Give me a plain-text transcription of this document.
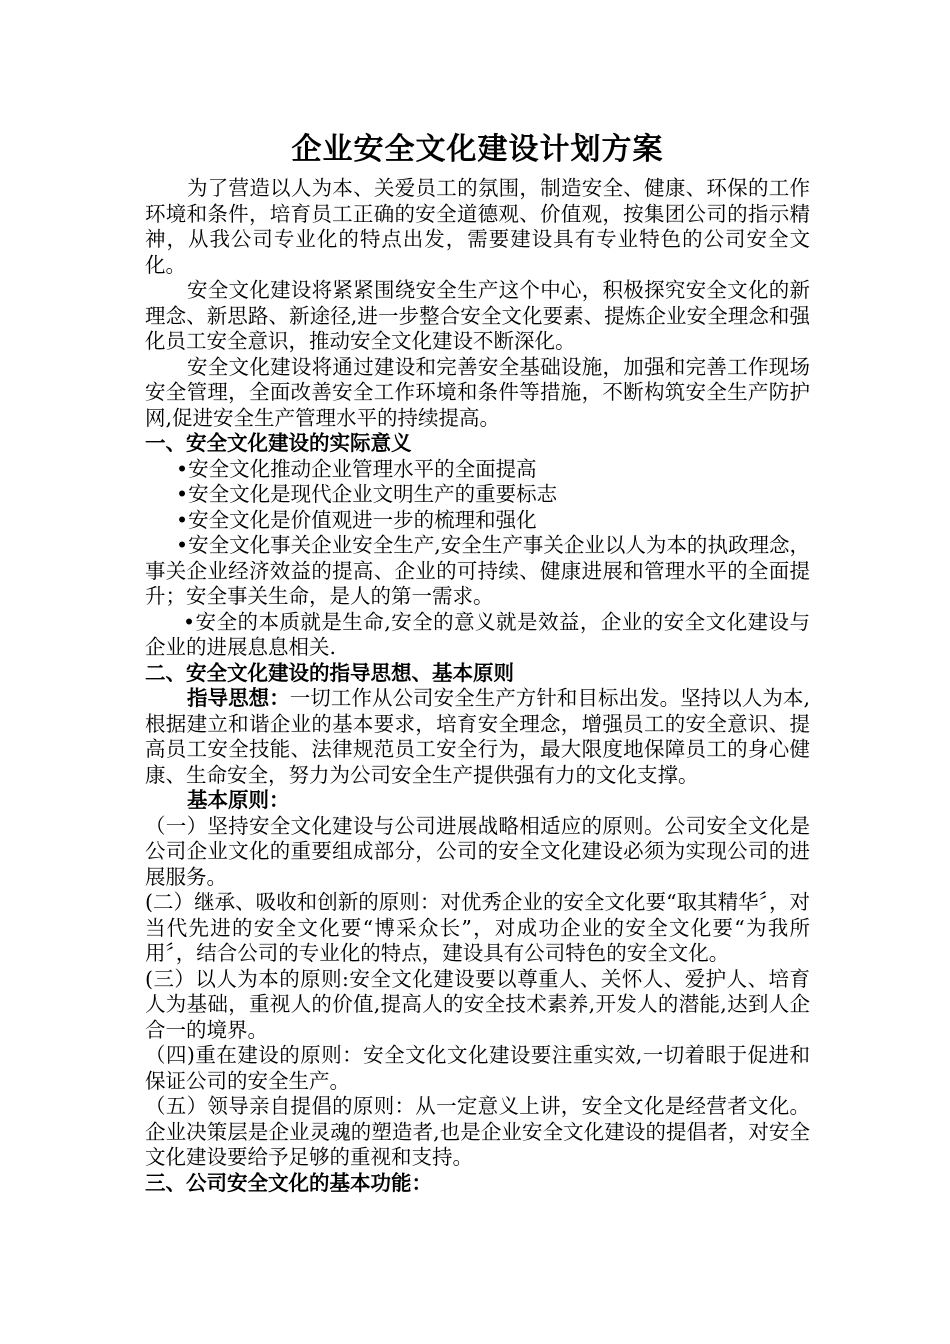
企业安全文化建设计划方案

为了营造以人为本、关爱员工的氛围，制造安全、健康、环保的工作环境和条件，培育员工正确的安全道德观、价值观，按集团公司的指示精神，从我公司专业化的特点出发，需要建设具有专业特色的公司安全文化。

安全文化建设将紧紧围绕安全生产这个中心，积极探究安全文化的新理念、新思路、新途径,进一步整合安全文化要素、提炼企业安全理念和强化员工安全意识，推动安全文化建设不断深化。

安全文化建设将通过建设和完善安全基础设施，加强和完善工作现场安全管理，全面改善安全工作环境和条件等措施，不断构筑安全生产防护网,促进安全生产管理水平的持续提高。

一、安全文化建设的实际意义

•安全文化推动企业管理水平的全面提高

•安全文化是现代企业文明生产的重要标志

•安全文化是价值观进一步的梳理和强化

•安全文化事关企业安全生产,安全生产事关企业以人为本的执政理念，事关企业经济效益的提高、企业的可持续、健康进展和管理水平的全面提升；安全事关生命，是人的第一需求。

•安全的本质就是生命,安全的意义就是效益，企业的安全文化建设与企业的进展息息相关.

二、安全文化建设的指导思想、基本原则

指导思想：一切工作从公司安全生产方针和目标出发。坚持以人为本,根据建立和谐企业的基本要求，培育安全理念，增强员工的安全意识、提高员工安全技能、法律规范员工安全行为，最大限度地保障员工的身心健康、生命安全，努力为公司安全生产提供强有力的文化支撑。

基本原则：

（一）坚持安全文化建设与公司进展战略相适应的原则。公司安全文化是公司企业文化的重要组成部分，公司的安全文化建设必须为实现公司的进展服务。

(二）继承、吸收和创新的原则：对优秀企业的安全文化要“取其精华〞，对当代先进的安全文化要“博采众长”，对成功企业的安全文化要“为我所用〞，结合公司的专业化的特点，建设具有公司特色的安全文化。

(三）以人为本的原则:安全文化建设要以尊重人、关怀人、爱护人、培育人为基础，重视人的价值,提高人的安全技术素养,开发人的潜能,达到人企合一的境界。

（四)重在建设的原则：安全文化文化建设要注重实效,一切着眼于促进和保证公司的安全生产。

（五）领导亲自提倡的原则：从一定意义上讲，安全文化是经营者文化。企业决策层是企业灵魂的塑造者,也是企业安全文化建设的提倡者，对安全文化建设要给予足够的重视和支持。

三、公司安全文化的基本功能：
